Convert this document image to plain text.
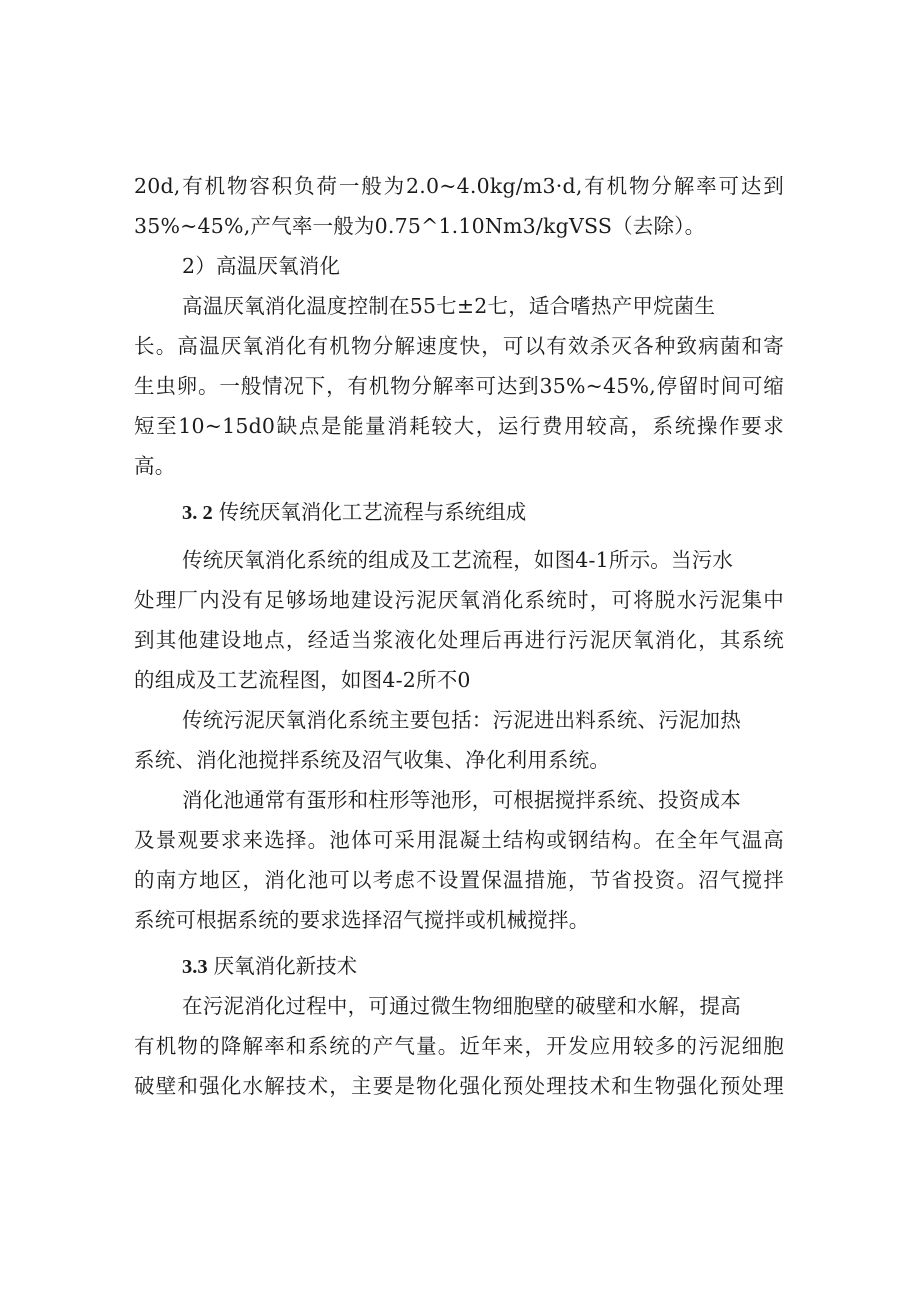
20d,有机物容积负荷一般为2.0~4.0kg/m3·d,有机物分解率可达到
35%~45%,产气率一般为0.75^1.10Nm3/kgVSS（去除）。
2）高温厌氧消化
高温厌氧消化温度控制在55七±2七，适合嗜热产甲烷菌生
长。高温厌氧消化有机物分解速度快，可以有效杀灭各种致病菌和寄
生虫卵。一般情况下，有机物分解率可达到35%~45%,停留时间可缩
短至10~15d0缺点是能量消耗较大，运行费用较高，系统操作要求
高。
3. 2 传统厌氧消化工艺流程与系统组成
传统厌氧消化系统的组成及工艺流程，如图4-1所示。当污水
处理厂内没有足够场地建设污泥厌氧消化系统时，可将脱水污泥集中
到其他建设地点，经适当浆液化处理后再进行污泥厌氧消化，其系统
的组成及工艺流程图，如图4-2所不0
传统污泥厌氧消化系统主要包括：污泥进出料系统、污泥加热
系统、消化池搅拌系统及沼气收集、净化利用系统。
消化池通常有蛋形和柱形等池形，可根据搅拌系统、投资成本
及景观要求来选择。池体可采用混凝土结构或钢结构。在全年气温高
的南方地区，消化池可以考虑不设置保温措施，节省投资。沼气搅拌
系统可根据系统的要求选择沼气搅拌或机械搅拌。
3.3 厌氧消化新技术
在污泥消化过程中，可通过微生物细胞壁的破壁和水解，提高
有机物的降解率和系统的产气量。近年来，开发应用较多的污泥细胞
破壁和强化水解技术，主要是物化强化预处理技术和生物强化预处理
